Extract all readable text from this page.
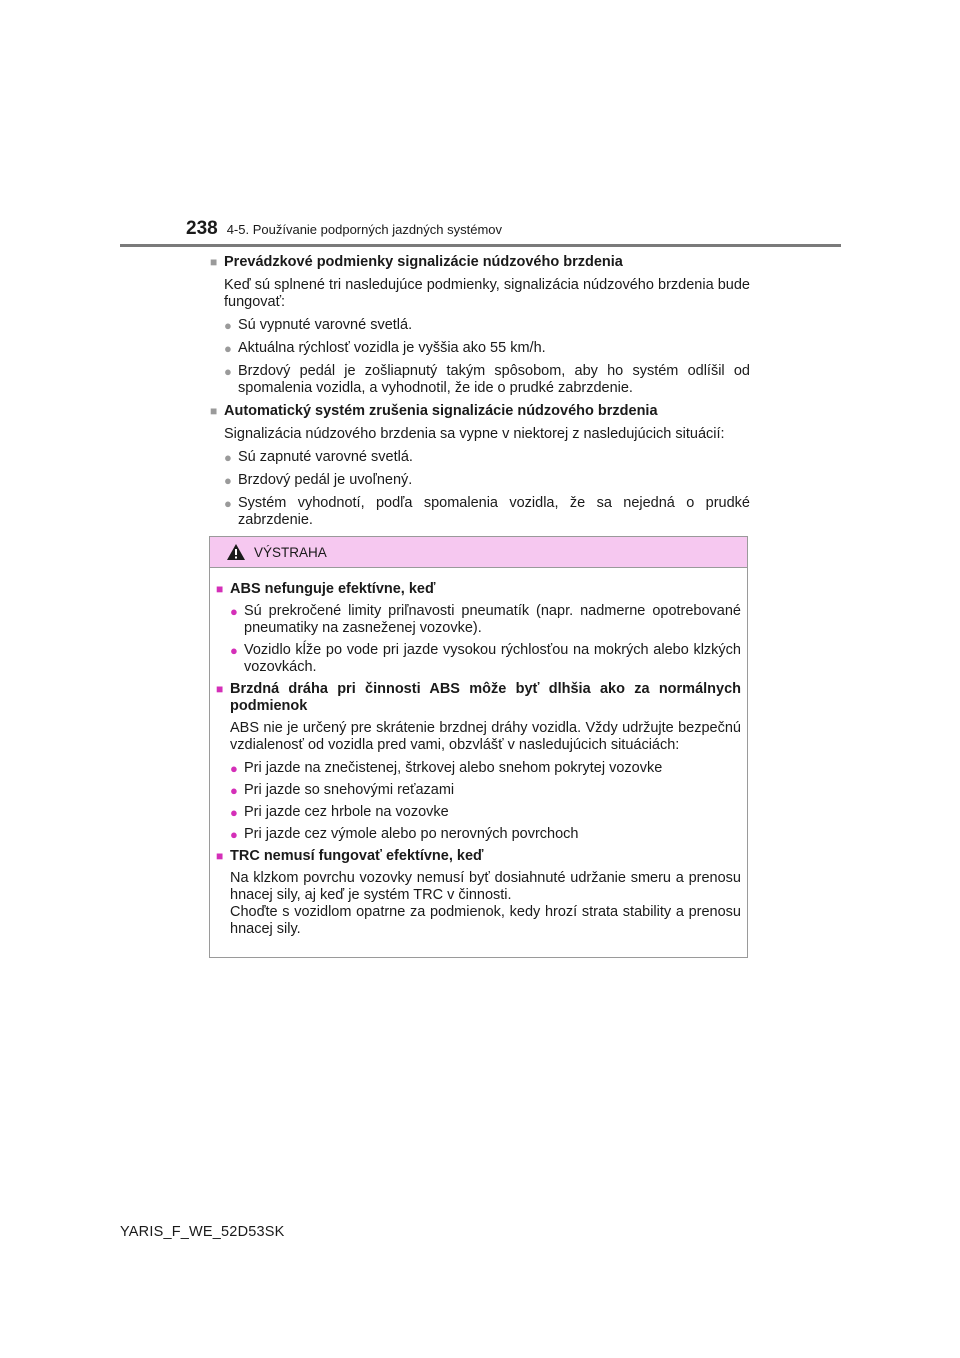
238 4-5. Používanie podporných jazdných systémov
■ Prevádzkové podmienky signalizácie núdzového brzdenia
Keď sú splnené tri nasledujúce podmienky, signalizácia núdzového brzdenia bude fungovať:
● Sú vypnuté varovné svetlá.
● Aktuálna rýchlosť vozidla je vyššia ako 55 km/h.
● Brzdový pedál je zošliapnutý takým spôsobom, aby ho systém odlíšil od spomalenia vozidla, a vyhodnotil, že ide o prudké zabrzdenie.
■ Automatický systém zrušenia signalizácie núdzového brzdenia
Signalizácia núdzového brzdenia sa vypne v niektorej z nasledujúcich situácií:
● Sú zapnuté varovné svetlá.
● Brzdový pedál je uvoľnený.
● Systém vyhodnotí, podľa spomalenia vozidla, že sa nejedná o prudké zabrzdenie.
VÝSTRAHA
■ ABS nefunguje efektívne, keď
● Sú prekročené limity priľnavosti pneumatík (napr. nadmerne opotrebované pneumatiky na zasneženej vozovke).
● Vozidlo kĺže po vode pri jazde vysokou rýchlosťou na mokrých alebo klzkých vozovkách.
■ Brzdná dráha pri činnosti ABS môže byť dlhšia ako za normálnych podmienok
ABS nie je určený pre skrátenie brzdnej dráhy vozidla. Vždy udržujte bezpečnú vzdialenosť od vozidla pred vami, obzvlášť v nasledujúcich situáciách:
● Pri jazde na znečistenej, štrkovej alebo snehom pokrytej vozovke
● Pri jazde so snehovými reťazami
● Pri jazde cez hrbole na vozovke
● Pri jazde cez výmole alebo po nerovných povrchoch
■ TRC nemusí fungovať efektívne, keď
Na klzkom povrchu vozovky nemusí byť dosiahnuté udržanie smeru a prenosu hnacej sily, aj keď je systém TRC v činnosti.
Choďte s vozidlom opatrne za podmienok, kedy hrozí strata stability a prenosu hnacej sily.
YARIS_F_WE_52D53SK
